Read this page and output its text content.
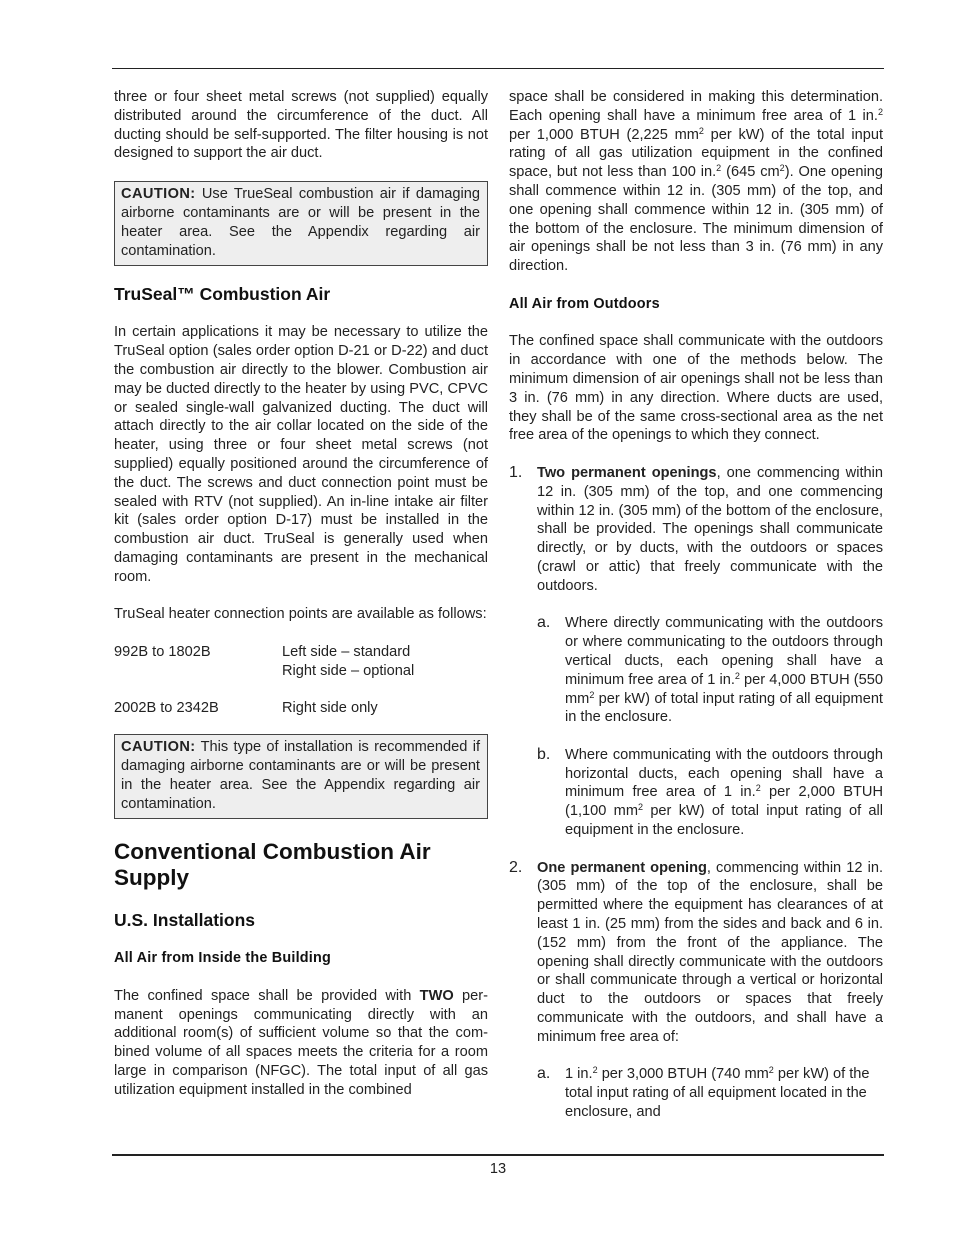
three or four sheet metal screws (not supplied) equally distributed around the circumference of the duct. All ducting should be self-supported. The filter housing is not designed to support the air duct.

CAUTION: Use TrueSeal combustion air if damaging airborne contaminants are or will be present in the heater area. See the Appendix regarding air contamination.
TruSeal™ Combustion Air

In certain applications it may be necessary to utilize the TruSeal option (sales order option D-21 or D-22) and duct the combustion air directly to the blower. Combustion air may be ducted directly to the heater by using PVC, CPVC or sealed single-wall galvanized ducting. The duct will attach directly to the air collar located on the side of the heater, using three or four sheet metal screws (not supplied) equally positioned around the circumference of the duct. The screws and duct connection point must be sealed with RTV (not supplied). An in-line intake air filter kit (sales order option D-17) must be installed in the combustion air duct. TruSeal is generally used when damaging contaminants are present in the mechanical room.

TruSeal heater connection points are available as follows:

992B to 1802B	Left side – standard
Right side – optional
2002B to 2342B	Right side only
CAUTION: This type of installation is recommended if damaging airborne contaminants are or will be present in the heater area. See the Appendix regarding air contamination.
Conventional Combustion Air Supply
U.S. Installations
All Air from Inside the Building

The confined space shall be provided with TWO permanent openings communicating directly with an additional room(s) of sufficient volume so that the combined volume of all spaces meets the criteria for a room large in comparison (NFGC). The total input of all gas utilization equipment installed in the combined

space shall be considered in making this determination. Each opening shall have a minimum free area of 1 in.$^2$ per 1,000 BTUH (2,225 $mm^2$ per kW) of the total input rating of all gas utilization equipment in the confined space, but not less than 100 in.$^2$ (645 $cm^2$). One opening shall commence within 12 in. (305 mm) of the top, and one opening shall commence within 12 in. (305 mm) of the bottom of the enclosure. The minimum dimension of air openings shall be not less than 3 in. (76 mm) in any direction.

All Air from Outdoors

The confined space shall communicate with the outdoors in accordance with one of the methods below. The minimum dimension of air openings shall not be less than 3 in. (76 mm) in any direction. Where ducts are used, they shall be of the same cross-sectional area as the net free area of the openings to which they connect.

1. Two permanent openings, one commencing within 12 in. (305 mm) of the top, and one commencing within 12 in. (305 mm) of the bottom of the enclosure, shall be provided. The openings shall communicate directly, or by ducts, with the outdoors or spaces (crawl or attic) that freely communicate with the outdoors.

a. Where directly communicating with the outdoors or where communicating to the outdoors through vertical ducts, each opening shall have a minimum free area of 1 in.$^2$ per 4,000 BTUH (550 $mm^2$ per kW) of total input rating of all equipment in the enclosure.

b. Where communicating with the outdoors through horizontal ducts, each opening shall have a minimum free area of 1 in.$^2$ per 2,000 BTUH (1,100 $mm^2$ per kW) of total input rating of all equipment in the enclosure.

2. One permanent opening, commencing within 12 in. (305 mm) of the top of the enclosure, shall be permitted where the equipment has clearances of at least 1 in. (25 mm) from the sides and back and 6 in. (152 mm) from the front of the appliance. The opening shall directly communicate with the outdoors or shall communicate through a vertical or horizontal duct to the outdoors or spaces that freely communicate with the outdoors, and shall have a minimum free area of:

a. 1 in.$^2$ per 3,000 BTUH (740 $mm^2$ per kW) of the total input rating of all equipment located in the enclosure, and

13
